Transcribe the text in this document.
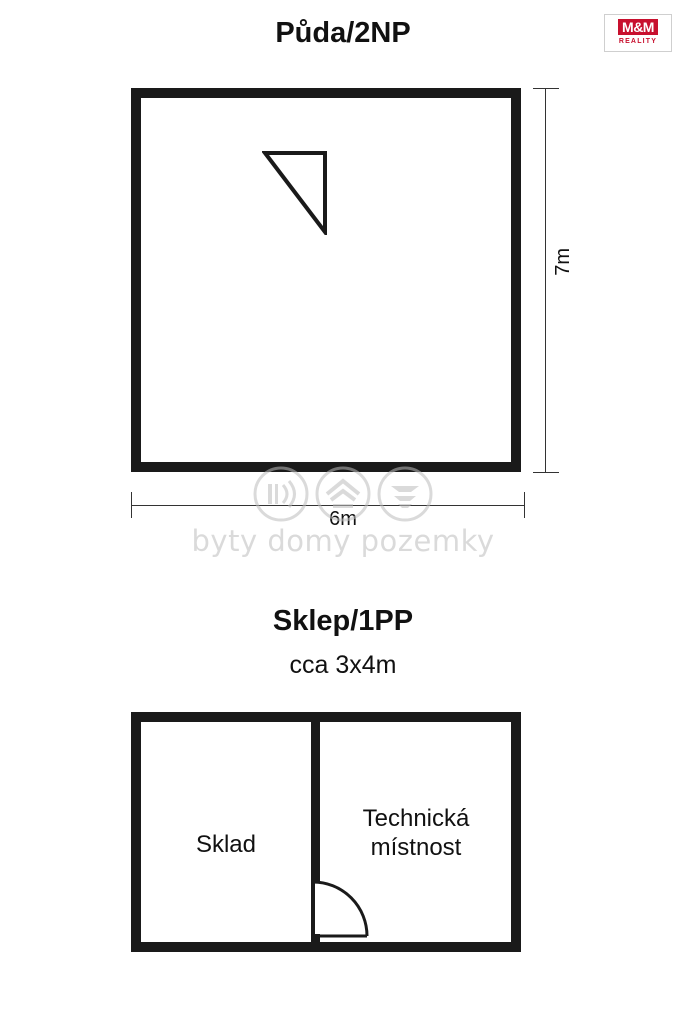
M&M
REALITY
Půda/2NP
7m
6m
byty domy pozemky
Sklep/1PP
cca 3x4m
Sklad
Technická
místnost
